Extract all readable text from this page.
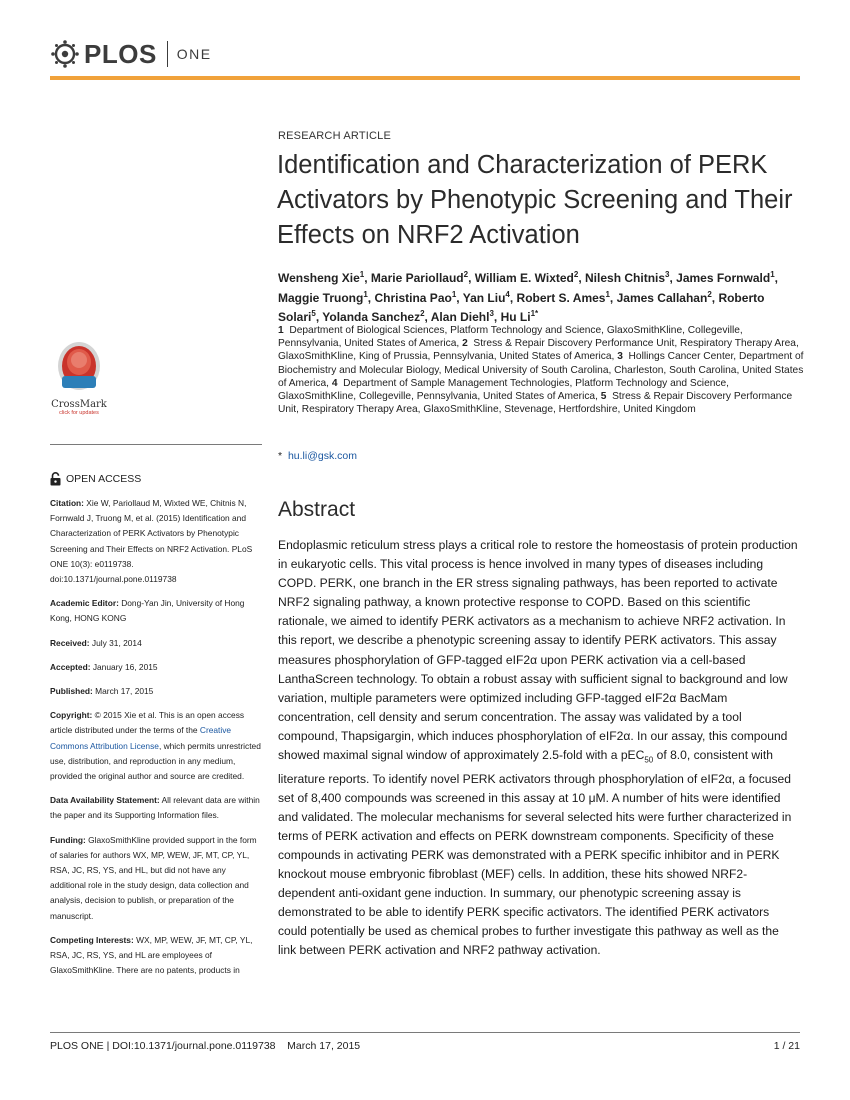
PLOS ONE
RESEARCH ARTICLE
Identification and Characterization of PERK Activators by Phenotypic Screening and Their Effects on NRF2 Activation
Wensheng Xie$^1$, Marie Pariollaud$^2$, William E. Wixted$^2$, Nilesh Chitnis$^3$, James Fornwald$^1$, Maggie Truong$^1$, Christina Pao$^1$, Yan Liu$^4$, Robert S. Ames$^1$, James Callahan$^2$, Roberto Solari$^5$, Yolanda Sanchez$^2$, Alan Diehl$^3$, Hu $Li^{1*}$
1 Department of Biological Sciences, Platform Technology and Science, GlaxoSmithKline, Collegeville, Pennsylvania, United States of America, 2 Stress & Repair Discovery Performance Unit, Respiratory Therapy Area, GlaxoSmithKline, King of Prussia, Pennsylvania, United States of America, 3 Hollings Cancer Center, Department of Biochemistry and Molecular Biology, Medical University of South Carolina, Charleston, South Carolina, United States of America, 4 Department of Sample Management Technologies, Platform Technology and Science, GlaxoSmithKline, Collegeville, Pennsylvania, United States of America, 5 Stress & Repair Discovery Performance Unit, Respiratory Therapy Area, GlaxoSmithKline, Stevenage, Hertfordshire, United Kingdom
* hu.li@gsk.com
Abstract
Endoplasmic reticulum stress plays a critical role to restore the homeostasis of protein production in eukaryotic cells. This vital process is hence involved in many types of diseases including COPD. PERK, one branch in the ER stress signaling pathways, has been reported to activate NRF2 signaling pathway, a known protective response to COPD. Based on this scientific rationale, we aimed to identify PERK activators as a mechanism to achieve NRF2 activation. In this report, we describe a phenotypic screening assay to identify PERK activators. This assay measures phosphorylation of GFP-tagged eIF2α upon PERK activation via a cell-based LanthaScreen technology. To obtain a robust assay with sufficient signal to background and low variation, multiple parameters were optimized including GFP-tagged eIF2α BacMam concentration, cell density and serum concentration. The assay was validated by a tool compound, Thapsigargin, which induces phosphorylation of eIF2α. In our assay, this compound showed maximal signal window of approximately 2.5-fold with a pEC$_{50}$ of 8.0, consistent with literature reports. To identify novel PERK activators through phosphorylation of eIF2α, a focused set of 8,400 compounds was screened in this assay at 10 μM. A number of hits were identified and validated. The molecular mechanisms for several selected hits were further characterized in terms of PERK activation and effects on PERK downstream components. Specificity of these compounds in activating PERK was demonstrated with a PERK specific inhibitor and in PERK knockout mouse embryonic fibroblast (MEF) cells. In addition, these hits showed NRF2-dependent anti-oxidant gene induction. In summary, our phenotypic screening assay is demonstrated to be able to identify PERK specific activators. The identified PERK activators could potentially be used as chemical probes to further investigate this pathway as well as the link between PERK activation and NRF2 pathway activation.
CrossMark
click for updates
OPEN ACCESS

Citation: Xie W, Pariollaud M, Wixted WE, Chitnis N, Fornwald J, Truong M, et al. (2015) Identification and Characterization of PERK Activators by Phenotypic Screening and Their Effects on NRF2 Activation. PLoS ONE 10(3): e0119738. doi:10.1371/journal.pone.0119738

Academic Editor: Dong-Yan Jin, University of Hong Kong, HONG KONG

Received: July 31, 2014

Accepted: January 16, 2015

Published: March 17, 2015

Copyright: © 2015 Xie et al. This is an open access article distributed under the terms of the Creative Commons Attribution License, which permits unrestricted use, distribution, and reproduction in any medium, provided the original author and source are credited.

Data Availability Statement: All relevant data are within the paper and its Supporting Information files.

Funding: GlaxoSmithKline provided support in the form of salaries for authors WX, MP, WEW, JF, MT, CP, YL, RSA, JC, RS, YS, and HL, but did not have any additional role in the study design, data collection and analysis, decision to publish, or preparation of the manuscript.

Competing Interests: WX, MP, WEW, JF, MT, CP, YL, RSA, JC, RS, YS, and HL are employees of GlaxoSmithKline. There are no patents, products in

PLOS ONE | DOI:10.1371/journal.pone.0119738    March 17, 2015	1 / 21
